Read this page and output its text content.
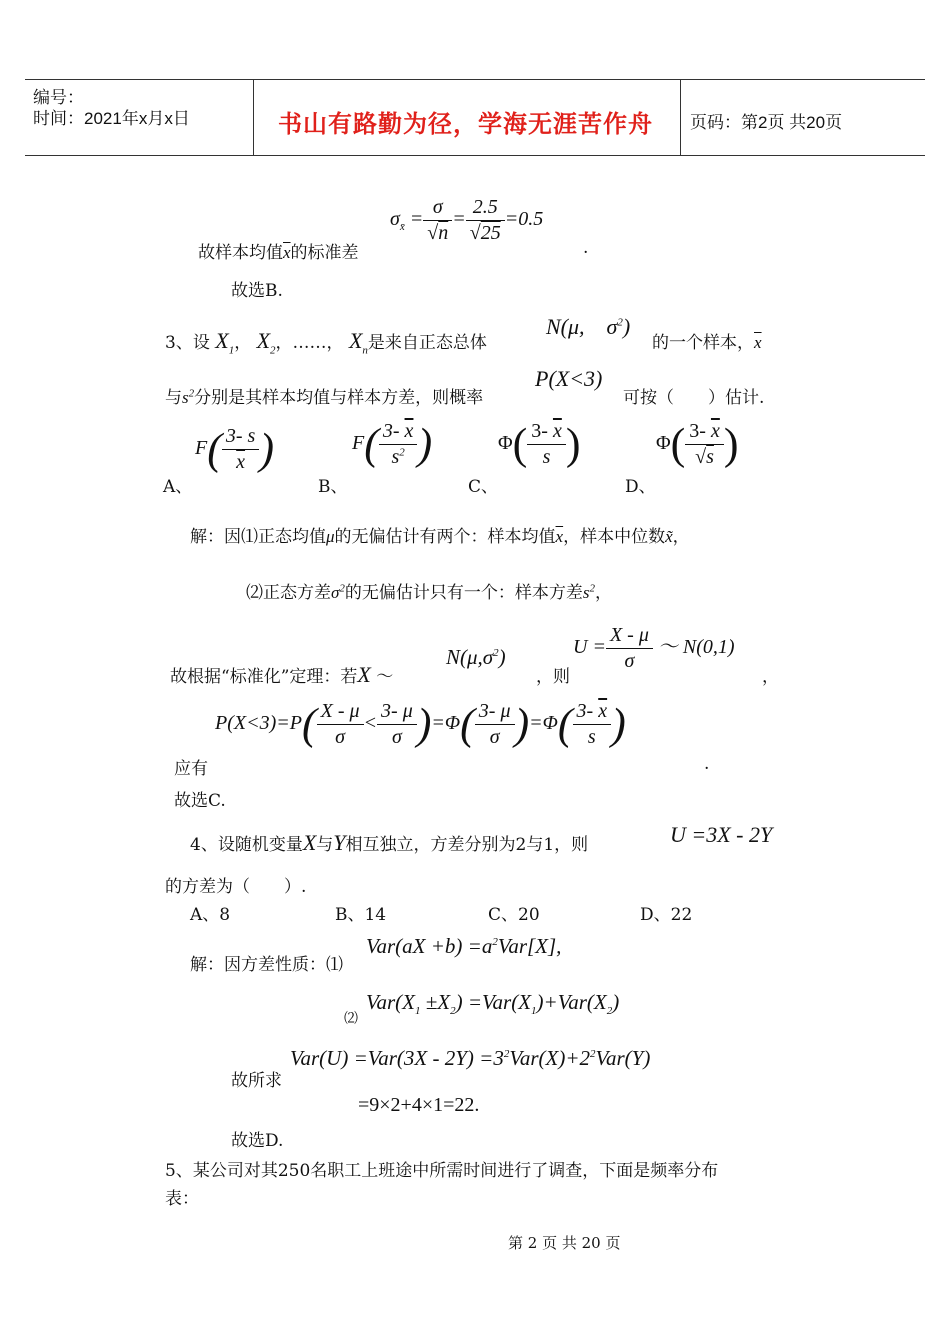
编号：
时间：2021年x月x日	书山有路勤为径，学海无涯苦作舟 页码：第2页 共20页
故样本均值$\overline{x}$的标准差
$\sigma_{x̄} = \frac{\sigma}{√n} = \frac{2.5}{√25} =0.5$
.
故选B.
3、设 $X_1$， $X_2$，……， $X_n$是来自正态总体
N(μ,　$\sigma^2$)
的一个样本，$\overline{x}$
与$s^2$分别是其样本均值与样本方差，则概率
P(X<3)
可按（　　）估计.
A、
$F( \frac{3- s}{x}$ )
B、
$F( \frac{3- \overline{x}}{s^2}$ )
C、
$\Phi( \frac{3- \overline{x}}{s}$ )
D、
$\Phi( \frac{3- \overline{x}}{√s}$ )
解：因⑴正态均值μ的无偏估计有两个：样本均值$\overline{x}$，样本中位数x̃，
⑵正态方差$\sigma^2$的无偏估计只有一个：样本方差$s^2$，
故根据“标准化”定理：若X ～
$N(\mu,\sigma^2)$
，则
$U = \frac{X - \mu}{\sigma}$ ～ N(0,1)
，
$P(X<3)=P( \frac{X - \mu}{\sigma} < \frac{3- \mu}{\sigma} )=\Phi( \frac{3- \mu}{\sigma} )=\Phi( \frac{3- \overline{x}}{s}$ )
应有	.
故选C.
4、设随机变量X与Y相互独立，方差分别为2与1，则	U =3X - 2Y
的方差为（　　）.
A、8	B、14	C、20	D、22
解：因方差性质：⑴
$Var(aX +b) =a^2Var[X]$,
⑵
$Var(X_1 \pm X_2) =Var(X_1)+Var(X_2)$
故所求
$Var(U) =Var(3X - 2Y) =3^2Var(X)+2^2Var(Y)$
=9×2+4×1=22.
故选D.
5、某公司对其250名职工上班途中所需时间进行了调查，下面是频率分布
表：
第 2 页 共 20 页
